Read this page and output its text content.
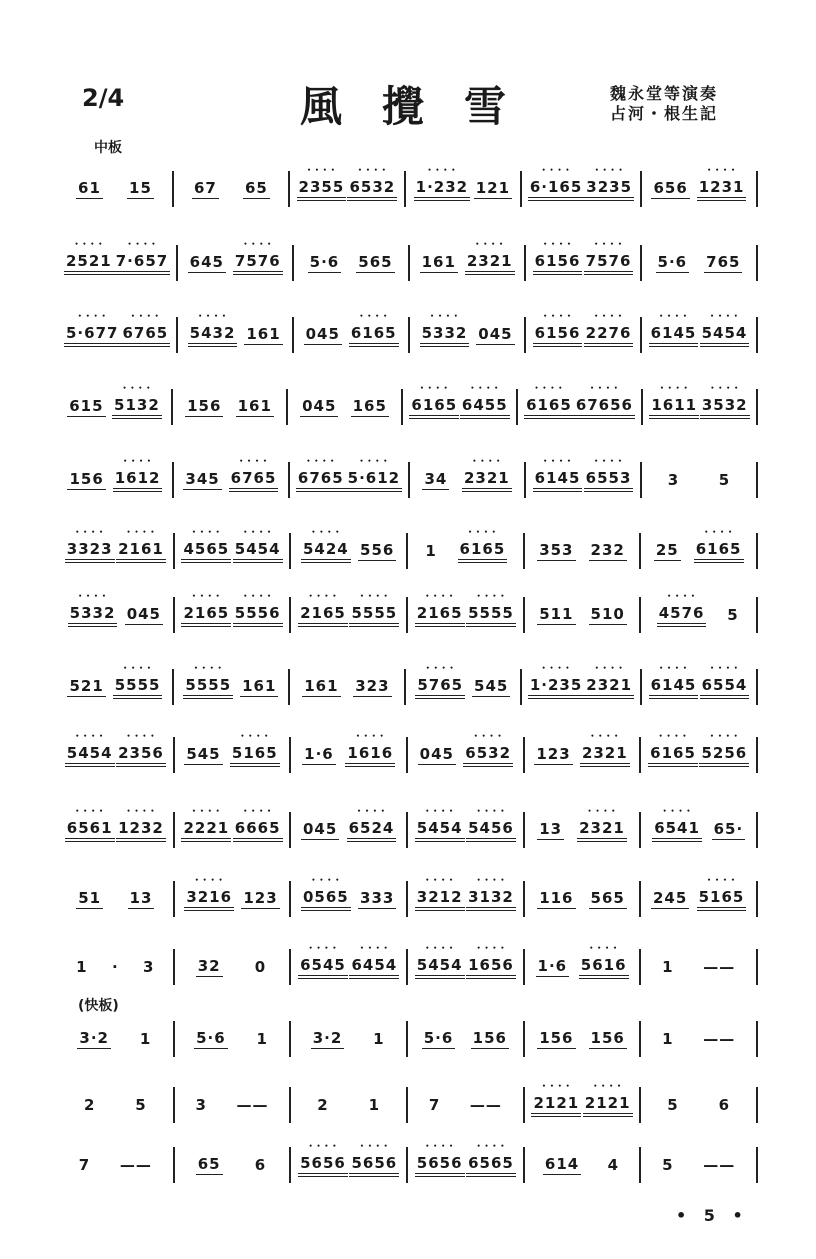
2/4	風攪雪	魏永堂等演奏
占河・根生記
中板
(快板)
61 15	67 65 • • • • 2355 • • • • 6532 • • • • 1·232 121 • • • • 6·165 • • • • 3235 656 • • • • 1231
• • • • 2521 • • • • 7·657 645 • • • • 7576 5·6 565 161 • • • • 2321 • • • • 6156 • • • • 7576 5·6 765
• • • • 5·677 • • • • 6765 • • • • 5432 161 045 • • • • 6165 • • • • 5332 045 • • • • 6156 • • • • 2276 • • • • 6145 • • • • 5454
615 • • • • 5132 156 161 045 165 • • • • 6165 • • • • 6455 • • • • 6165 • • • • 67656 • • • • 1611 • • • • 3532
156 • • • • 1612 345 • • • • 6765 • • • • 6765 • • • • 5·612 34 • • • • 2321 • • • • 6145 • • • • 6553 3	5
• • • • 3323 • • • • 2161 • • • • 4565 • • • • 5454 • • • • 5424 556 1 • • • • 6165 353 232 25 • • • • 6165
• • • • 5332 045 • • • • 2165 • • • • 5556 • • • • 2165 • • • • 5555 • • • • 2165 • • • • 5555 511 510 • • • • 4576 5
521 • • • • 5555 • • • • 5555 161 161 323 • • • • 5765 545 • • • • 1·235 • • • • 2321 • • • • 6145 • • • • 6554
• • • • 5454 • • • • 2356 545 • • • • 5165 1·6 • • • • 1616 045 • • • • 6532 123 • • • • 2321 • • • • 6165 • • • • 5256
• • • • 6561 • • • • 1232 • • • • 2221 • • • • 6665 045 • • • • 6524 • • • • 5454 • • • • 5456 13 • • • • 2321 • • • • 6541 65·
51 13 • • • • 3216 123 • • • • 0565 333 • • • • 3212 • • • • 3132 116 565 245 • • • • 5165
1 · 3	32 0 • • • • 6545 • • • • 6454 • • • • 5454 • • • • 1656 1·6 • • • • 5616 1 ——
3·2 1	5·6 1	3·2 1	5·6 156 156 156 1 ——
2	5	3 ——	2	1	7 —— • • • • 2121 • • • • 2121 5	6
7 ——	65 6 • • • • 5656 • • • • 5656 • • • • 5656 • • • • 6565 614 4	5 ——
• 5 •
